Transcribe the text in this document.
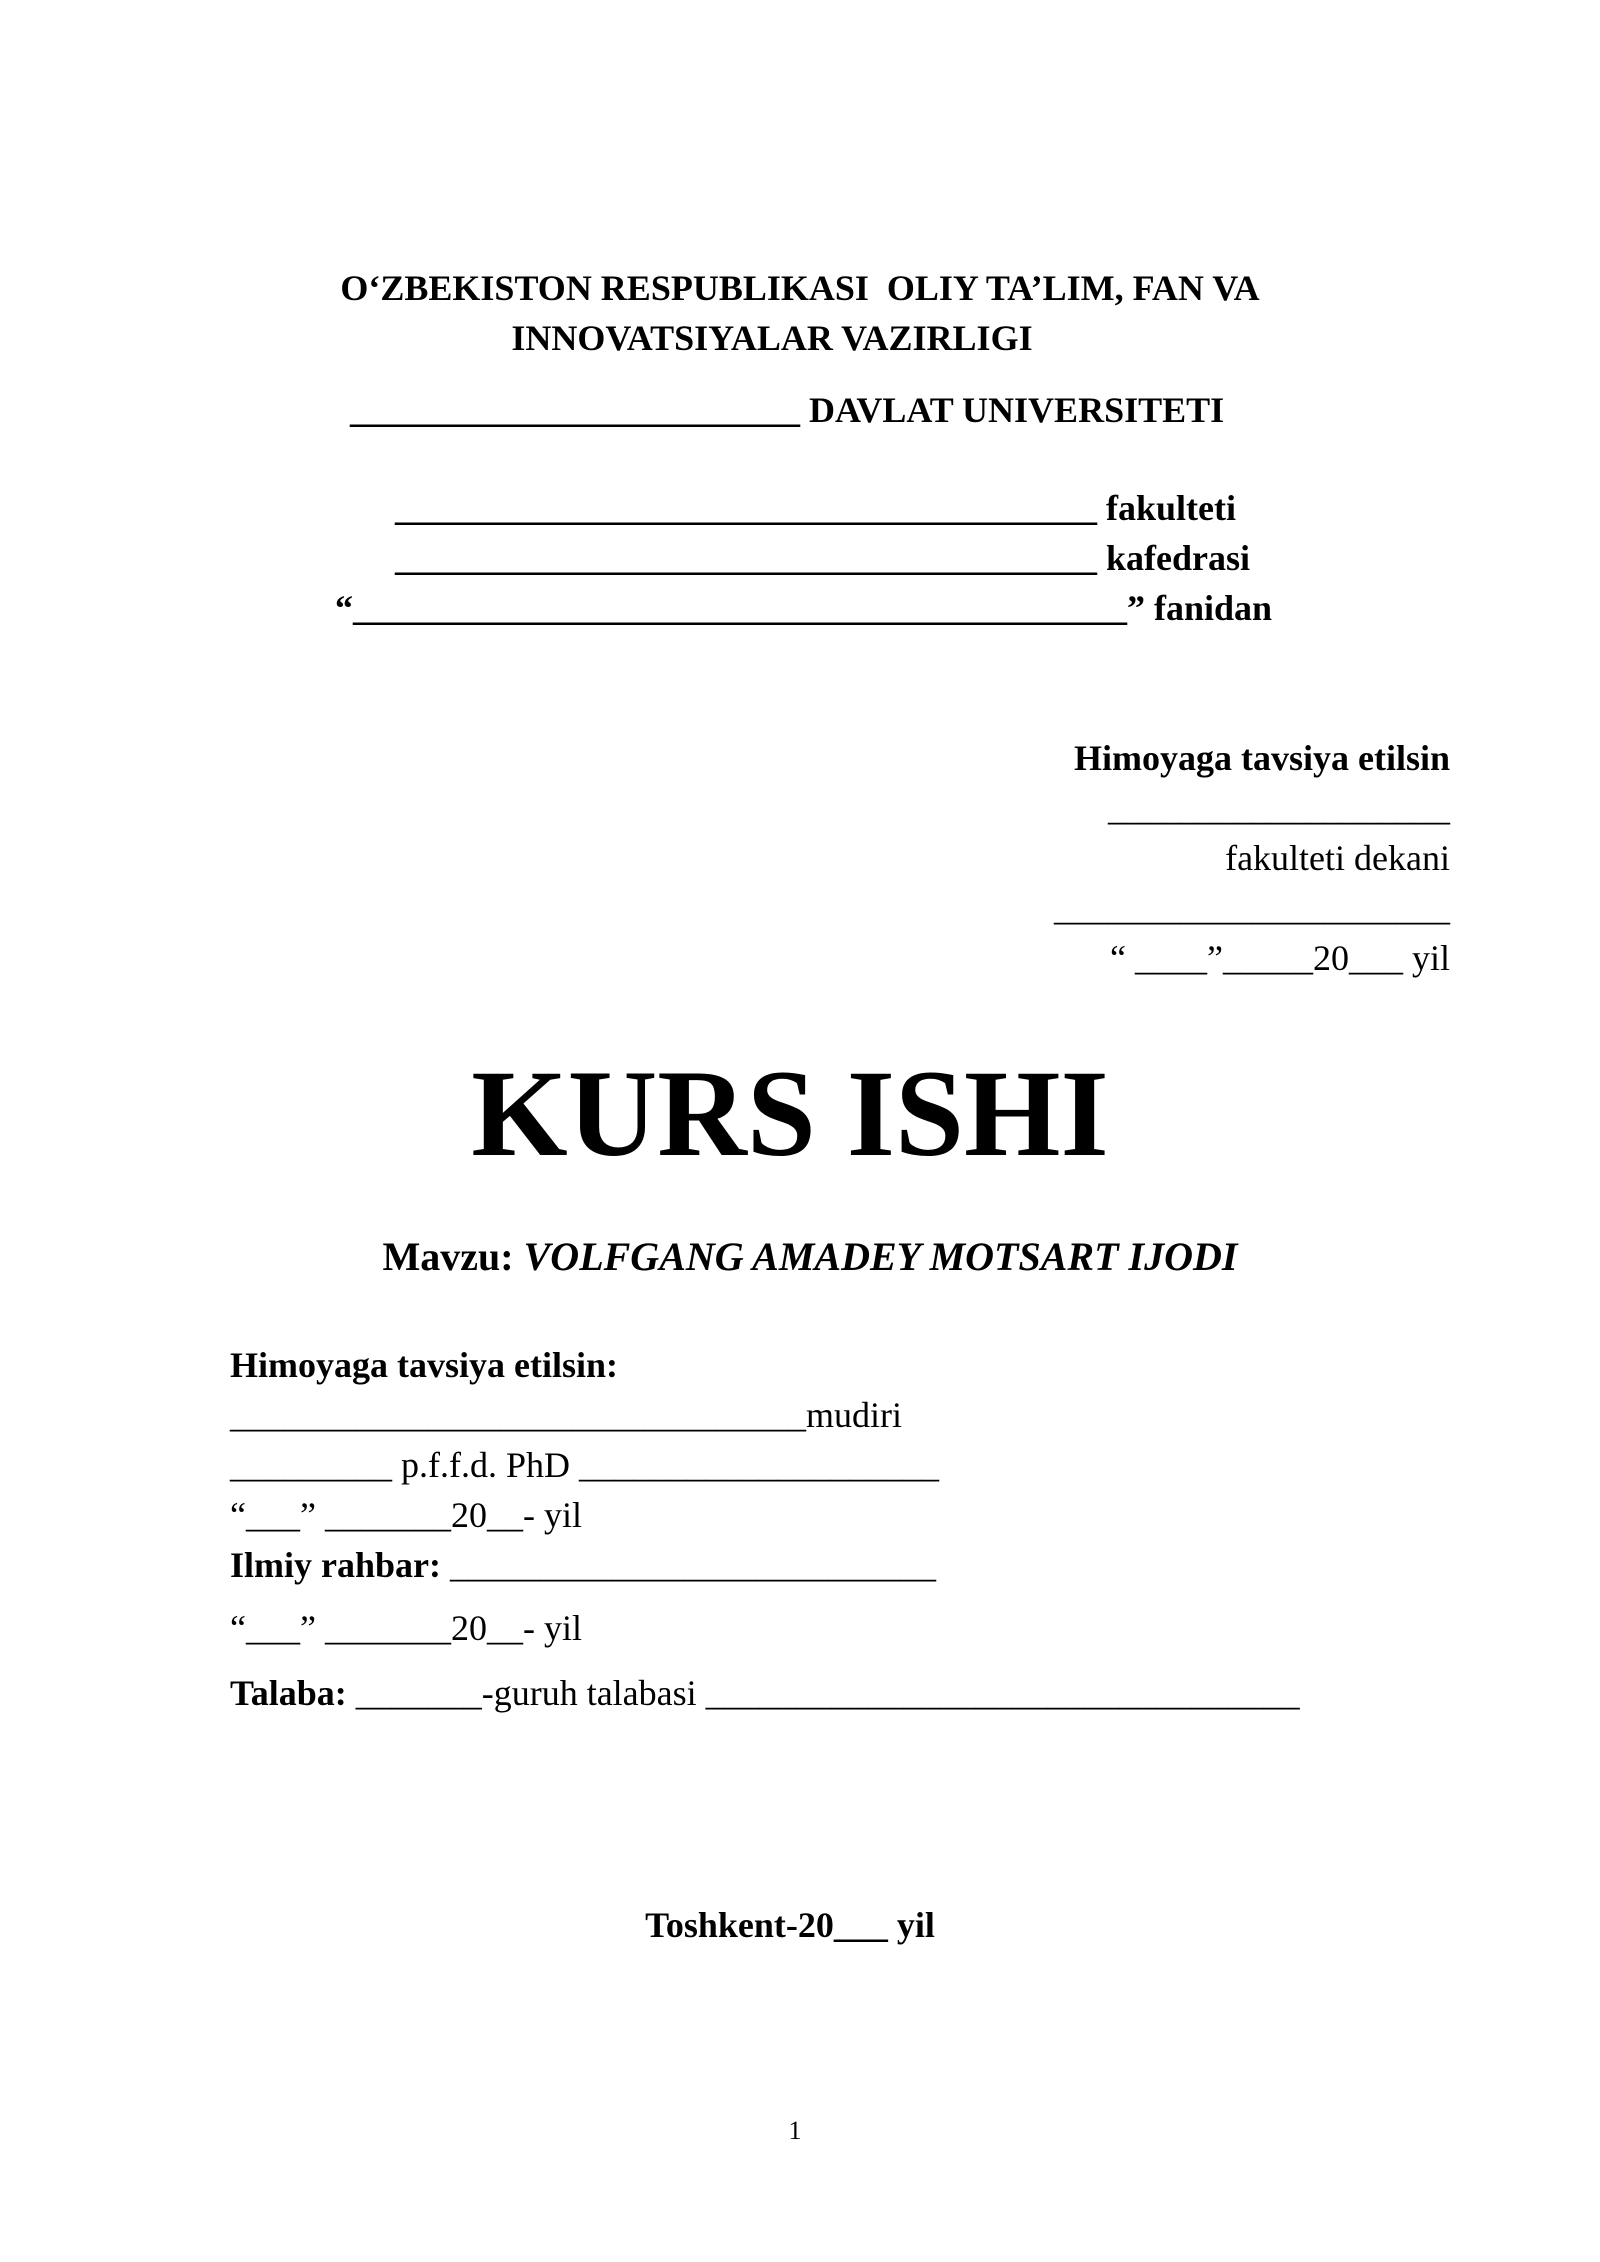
O‘ZBEKISTON RESPUBLIKASI  OLIY TA’LIM, FAN VA
INNOVATSIYALAR VAZIRLIGI
_________________________ DAVLAT UNIVERSITETI
_______________________________________ fakulteti
_______________________________________ kafedrasi
“___________________________________________” fanidan
Himoyaga tavsiya etilsin
___________________
fakulteti dekani
______________________
“ ____”_____20___ yil
KURS ISHI
Mavzu: VOLFGANG AMADEY MOTSART IJODI
Himoyaga tavsiya etilsin:
________________________________mudiri
_________ p.f.f.d. PhD ____________________
“___” _______20__- yil
Ilmiy rahbar: ___________________________
“___” _______20__- yil
Talaba: _______-guruh talabasi _________________________________
Toshkent-20___ yil
1
